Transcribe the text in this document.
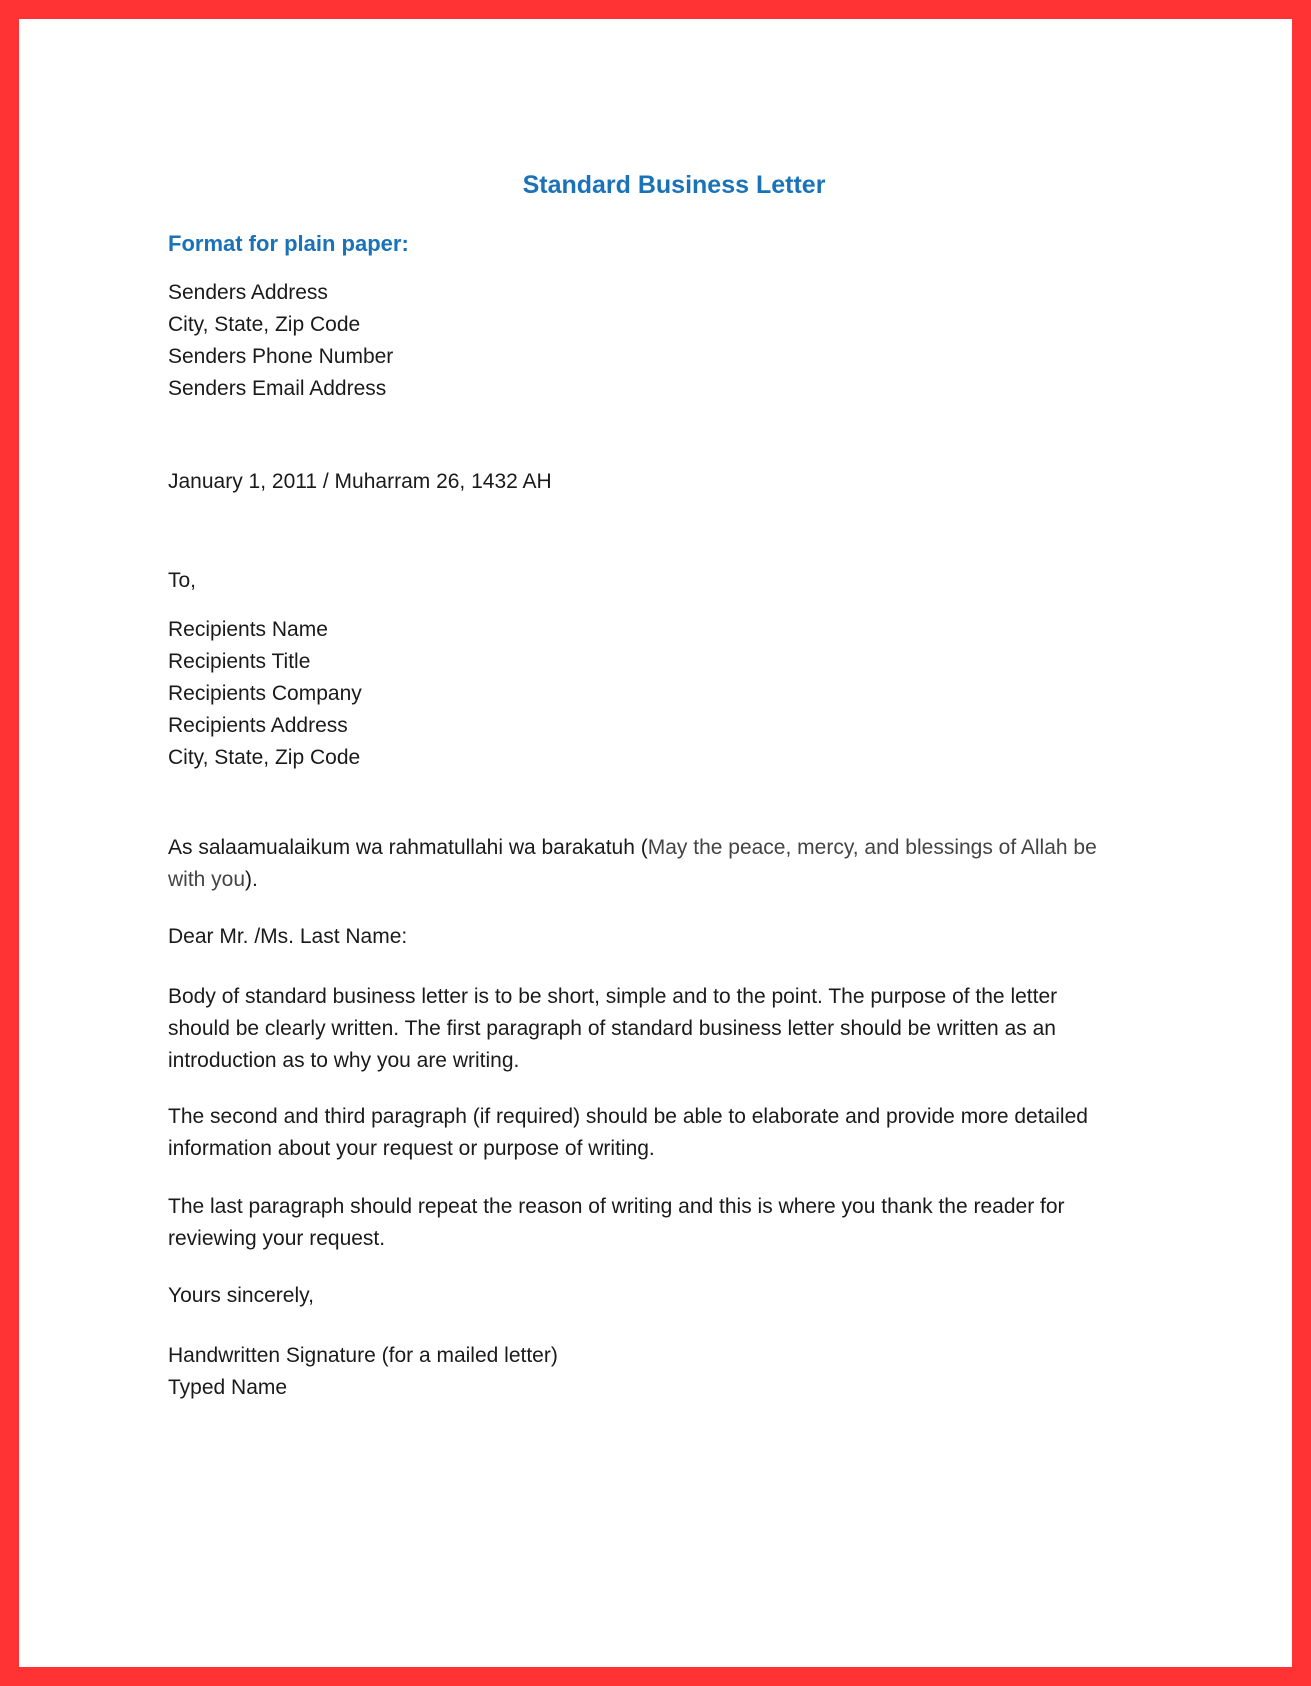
Standard Business Letter
Format for plain paper:
Senders Address
City, State, Zip Code
Senders Phone Number
Senders Email Address
January 1, 2011 / Muharram 26, 1432 AH
To,
Recipients Name
Recipients Title
Recipients Company
Recipients Address
City, State, Zip Code
As salaamualaikum wa rahmatullahi wa barakatuh (May the peace, mercy, and blessings of Allah be with you).
Dear Mr. /Ms. Last Name:
Body of standard business letter is to be short, simple and to the point. The purpose of the letter should be clearly written. The first paragraph of standard business letter should be written as an introduction as to why you are writing.
The second and third paragraph (if required) should be able to elaborate and provide more detailed information about your request or purpose of writing.
The last paragraph should repeat the reason of writing and this is where you thank the reader for reviewing your request.
Yours sincerely,
Handwritten Signature (for a mailed letter)
Typed Name
